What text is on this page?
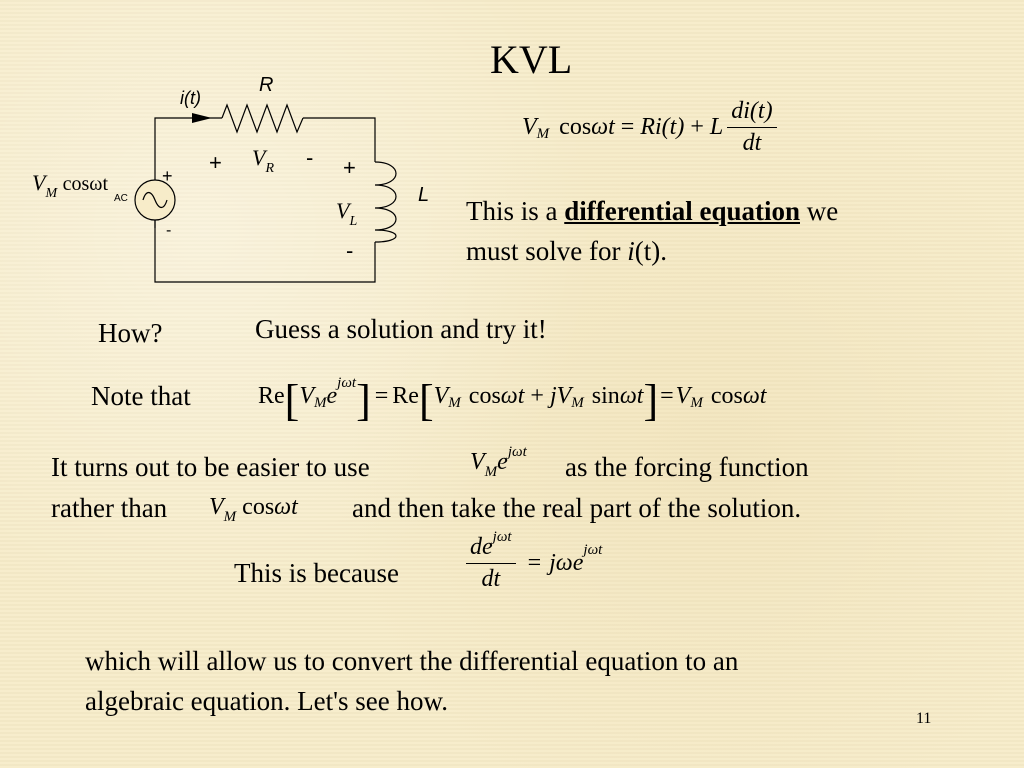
KVL
i(t)
R
+ $V_R$ - +
L
$V_L$
-
$V_M$ cosωt	+
AC
-
V M cos ωt = Ri (t) + L $\frac{di(t)}{dt}$
This is a differential equation we
must solve for i(t).
How?	Guess a solution and try it!
Note that	Re [ V M e jωt ] = Re [ V M cos ωt + jV M sin ωt ] = V M cos ωt
It turns out to be easier to use	$V_Me^{j\omega t}$ as the forcing function
rather than $V_M$ cosωt and then take the real part of the solution.
This is because	$\frac{de^{j\omega t}}{dt} = j\omega e$ jωt
which will allow us to convert the differential equation to an
algebraic equation. Let's see how.
11
